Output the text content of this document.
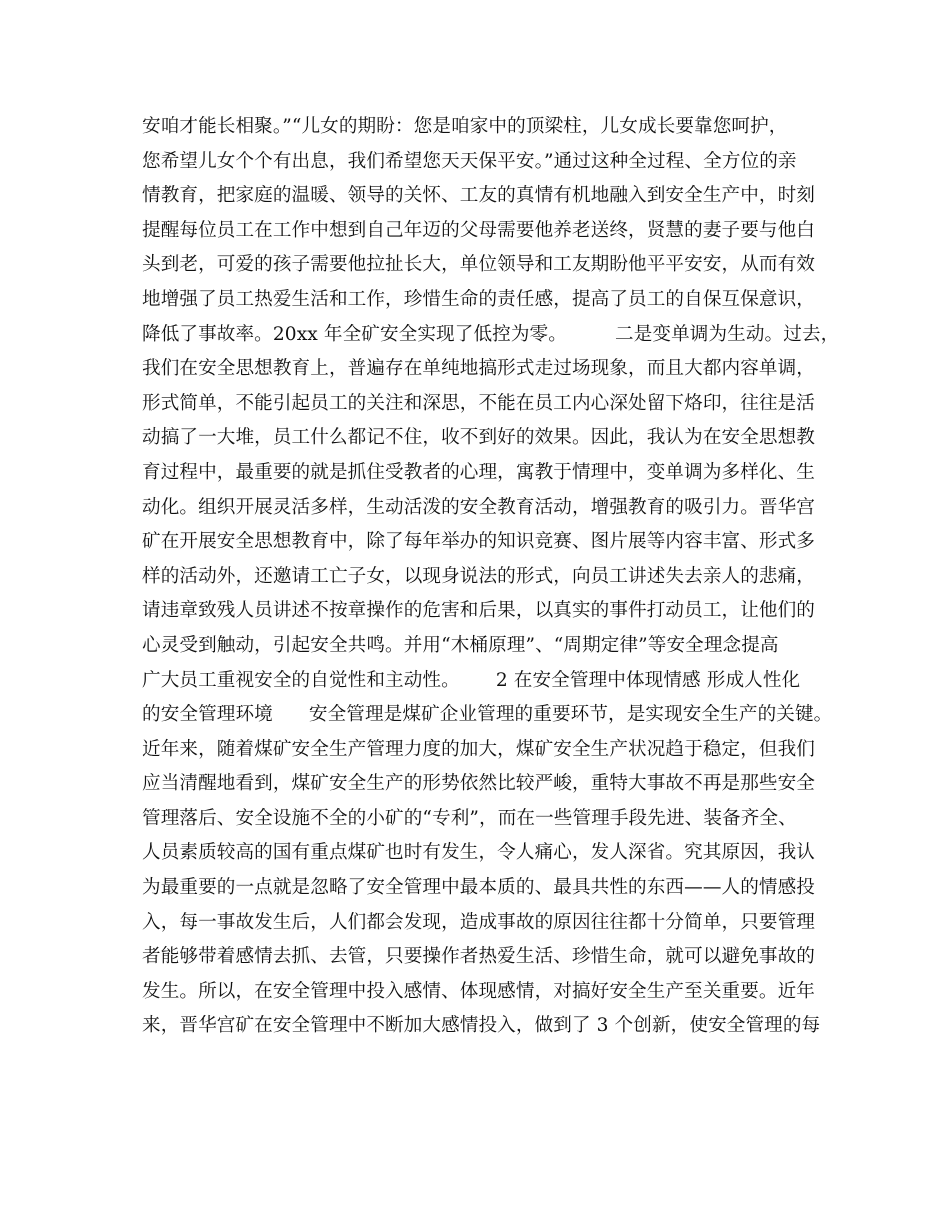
安咱才能长相聚。”“儿女的期盼：您是咱家中的顶梁柱，儿女成长要靠您呵护，
您希望儿女个个有出息，我们希望您天天保平安。”通过这种全过程、全方位的亲
情教育，把家庭的温暖、领导的关怀、工友的真情有机地融入到安全生产中，时刻
提醒每位员工在工作中想到自己年迈的父母需要他养老送终，贤慧的妻子要与他白
头到老，可爱的孩子需要他拉扯长大，单位领导和工友期盼他平平安安，从而有效
地增强了员工热爱生活和工作，珍惜生命的责任感，提高了员工的自保互保意识，
降低了事故率。20xx 年全矿安全实现了低控为零。        二是变单调为生动。过去，
我们在安全思想教育上，普遍存在单纯地搞形式走过场现象，而且大都内容单调，
形式简单，不能引起员工的关注和深思，不能在员工内心深处留下烙印，往往是活
动搞了一大堆，员工什么都记不住，收不到好的效果。因此，我认为在安全思想教
育过程中，最重要的就是抓住受教者的心理，寓教于情理中，变单调为多样化、生
动化。组织开展灵活多样，生动活泼的安全教育活动，增强教育的吸引力。晋华宫
矿在开展安全思想教育中，除了每年举办的知识竞赛、图片展等内容丰富、形式多
样的活动外，还邀请工亡子女，以现身说法的形式，向员工讲述失去亲人的悲痛，
请违章致残人员讲述不按章操作的危害和后果，以真实的事件打动员工，让他们的
心灵受到触动，引起安全共鸣。并用“木桶原理”、“周期定律”等安全理念提高
广大员工重视安全的自觉性和主动性。      2 在安全管理中体现情感 形成人性化
的安全管理环境      安全管理是煤矿企业管理的重要环节，是实现安全生产的关键。
近年来，随着煤矿安全生产管理力度的加大，煤矿安全生产状况趋于稳定，但我们
应当清醒地看到，煤矿安全生产的形势依然比较严峻，重特大事故不再是那些安全
管理落后、安全设施不全的小矿的“专利”，而在一些管理手段先进、装备齐全、
人员素质较高的国有重点煤矿也时有发生，令人痛心，发人深省。究其原因，我认
为最重要的一点就是忽略了安全管理中最本质的、最具共性的东西——人的情感投
入，每一事故发生后，人们都会发现，造成事故的原因往往都十分简单，只要管理
者能够带着感情去抓、去管，只要操作者热爱生活、珍惜生命，就可以避免事故的
发生。所以，在安全管理中投入感情、体现感情，对搞好安全生产至关重要。近年
来，晋华宫矿在安全管理中不断加大感情投入，做到了 3 个创新，使安全管理的每
